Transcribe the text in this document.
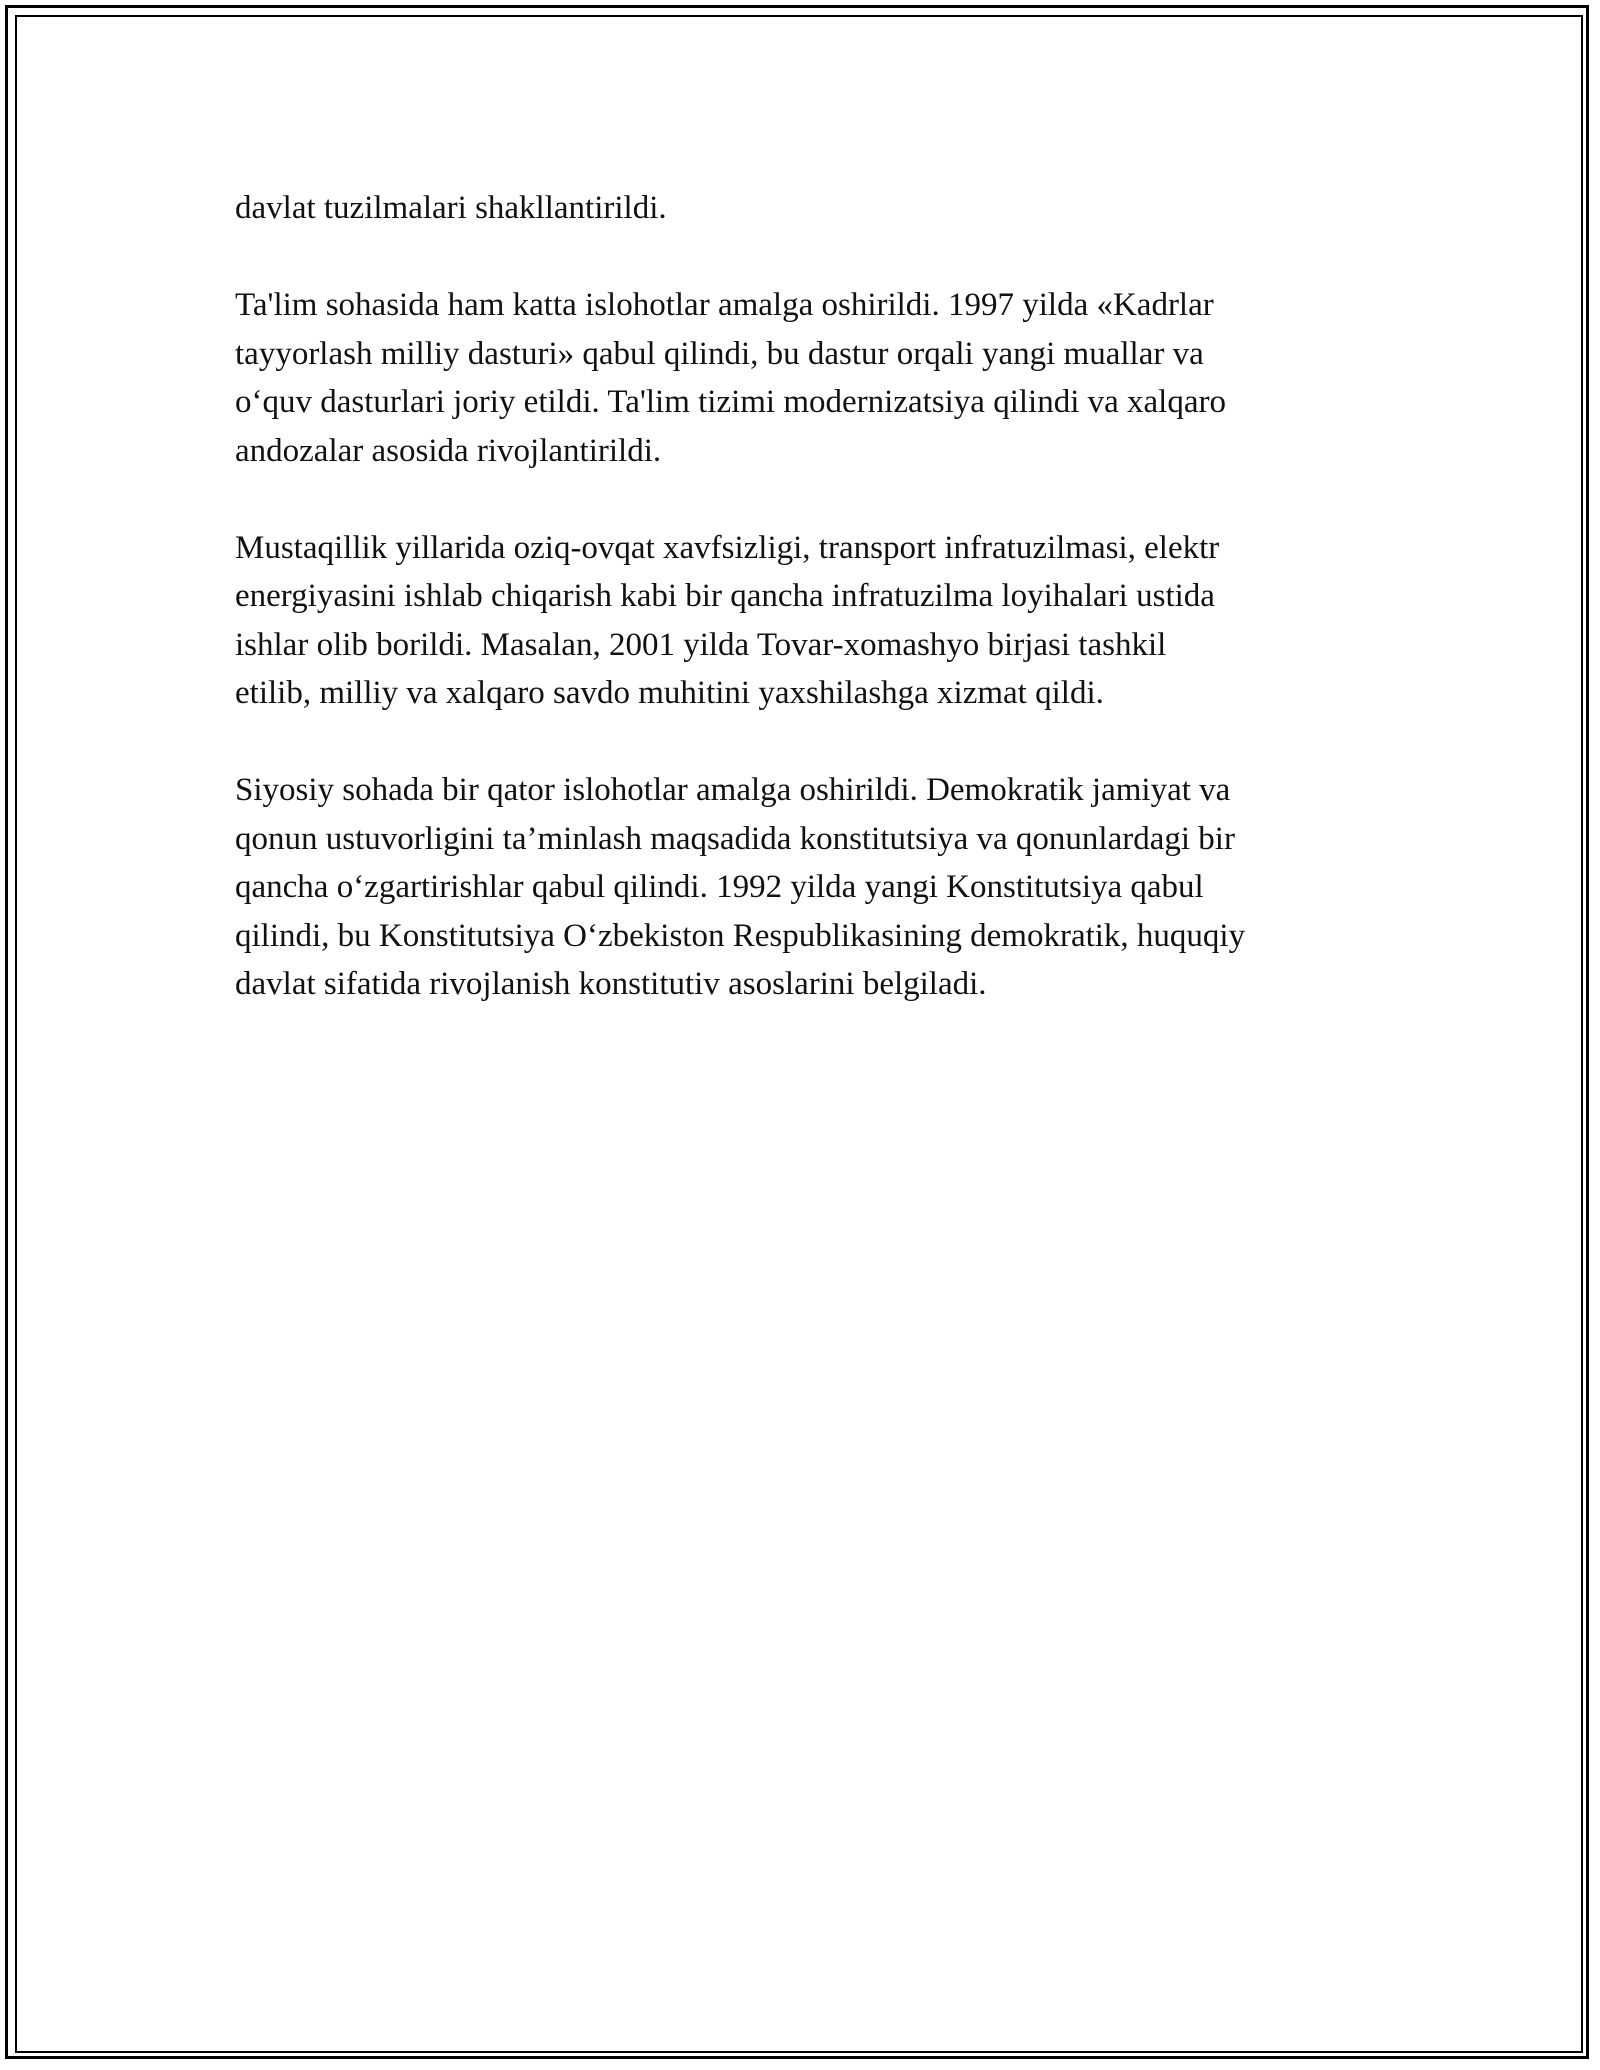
davlat tuzilmalari shakllantirildi.

Ta'lim sohasida ham katta islohotlar amalga oshirildi. 1997 yilda «Kadrlar
tayyorlash milliy dasturi» qabul qilindi, bu dastur orqali yangi muallar va
o‘quv dasturlari joriy etildi. Ta'lim tizimi modernizatsiya qilindi va xalqaro
andozalar asosida rivojlantirildi.

Mustaqillik yillarida oziq-ovqat xavfsizligi, transport infratuzilmasi, elektr
energiyasini ishlab chiqarish kabi bir qancha infratuzilma loyihalari ustida
ishlar olib borildi. Masalan, 2001 yilda Tovar-xomashyo birjasi tashkil
etilib, milliy va xalqaro savdo muhitini yaxshilashga xizmat qildi.

Siyosiy sohada bir qator islohotlar amalga oshirildi. Demokratik jamiyat va
qonun ustuvorligini ta’minlash maqsadida konstitutsiya va qonunlardagi bir
qancha o‘zgartirishlar qabul qilindi. 1992 yilda yangi Konstitutsiya qabul
qilindi, bu Konstitutsiya O‘zbekiston Respublikasining demokratik, huquqiy
davlat sifatida rivojlanish konstitutiv asoslarini belgiladi.
